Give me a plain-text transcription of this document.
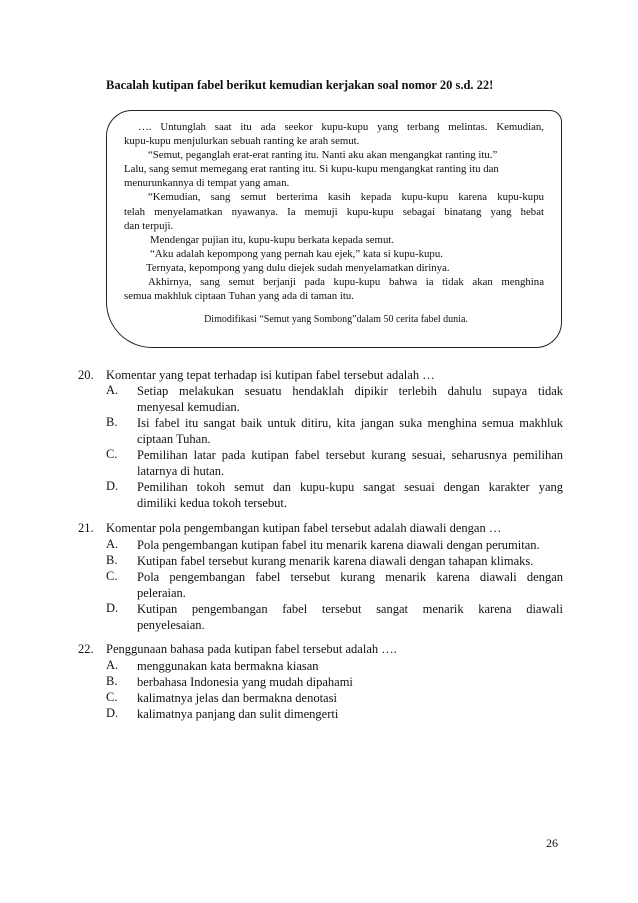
Bacalah kutipan fabel berikut kemudian kerjakan soal nomor 20 s.d. 22!

…. Untunglah saat itu ada seekor kupu-kupu yang terbang melintas. Kemudian,

kupu-kupu menjulurkan sebuah ranting ke arah semut.

“Semut, peganglah erat-erat ranting itu. Nanti aku akan mengangkat ranting itu.”

Lalu, sang semut memegang erat ranting itu. Si kupu-kupu mengangkat ranting itu dan

menurunkannya di tempat yang aman.

“Kemudian, sang semut berterima kasih kepada kupu-kupu karena kupu-kupu

telah menyelamatkan nyawanya. Ia memuji kupu-kupu sebagai binatang yang hebat

dan terpuji.

Mendengar pujian itu, kupu-kupu berkata kepada semut.

“Aku adalah kepompong yang pernah kau ejek,” kata si kupu-kupu.

Ternyata, kepompong yang dulu diejek sudah menyelamatkan dirinya.

Akhirnya, sang semut berjanji pada kupu-kupu bahwa ia tidak akan menghina

semua makhluk ciptaan Tuhan yang ada di taman itu.

Dimodifikasi “Semut yang Sombong”dalam 50 cerita fabel dunia.
20. Komentar yang tepat terhadap isi kutipan fabel tersebut adalah …
A. Setiap melakukan sesuatu hendaklah dipikir terlebih dahulu supaya tidak
menyesal kemudian.
B. Isi fabel itu sangat baik untuk ditiru, kita jangan suka menghina semua makhluk
ciptaan Tuhan.
C. Pemilihan latar pada kutipan fabel tersebut kurang sesuai, seharusnya pemilihan
latarnya di hutan.
D. Pemilihan tokoh semut dan kupu-kupu sangat sesuai dengan karakter yang
dimiliki kedua tokoh tersebut.
21. Komentar pola pengembangan kutipan fabel tersebut adalah diawali dengan …
A. Pola pengembangan kutipan fabel itu menarik karena diawali dengan perumitan.
B. Kutipan fabel tersebut kurang menarik karena diawali dengan tahapan klimaks.
C. Pola pengembangan fabel tersebut kurang menarik karena diawali dengan
peleraian.
D. Kutipan pengembangan fabel tersebut sangat menarik karena diawali
penyelesaian.
22. Penggunaan bahasa pada kutipan fabel tersebut adalah ….
A. menggunakan kata bermakna kiasan
B. berbahasa Indonesia yang mudah dipahami
C. kalimatnya jelas dan bermakna denotasi
D. kalimatnya panjang dan sulit dimengerti
26
